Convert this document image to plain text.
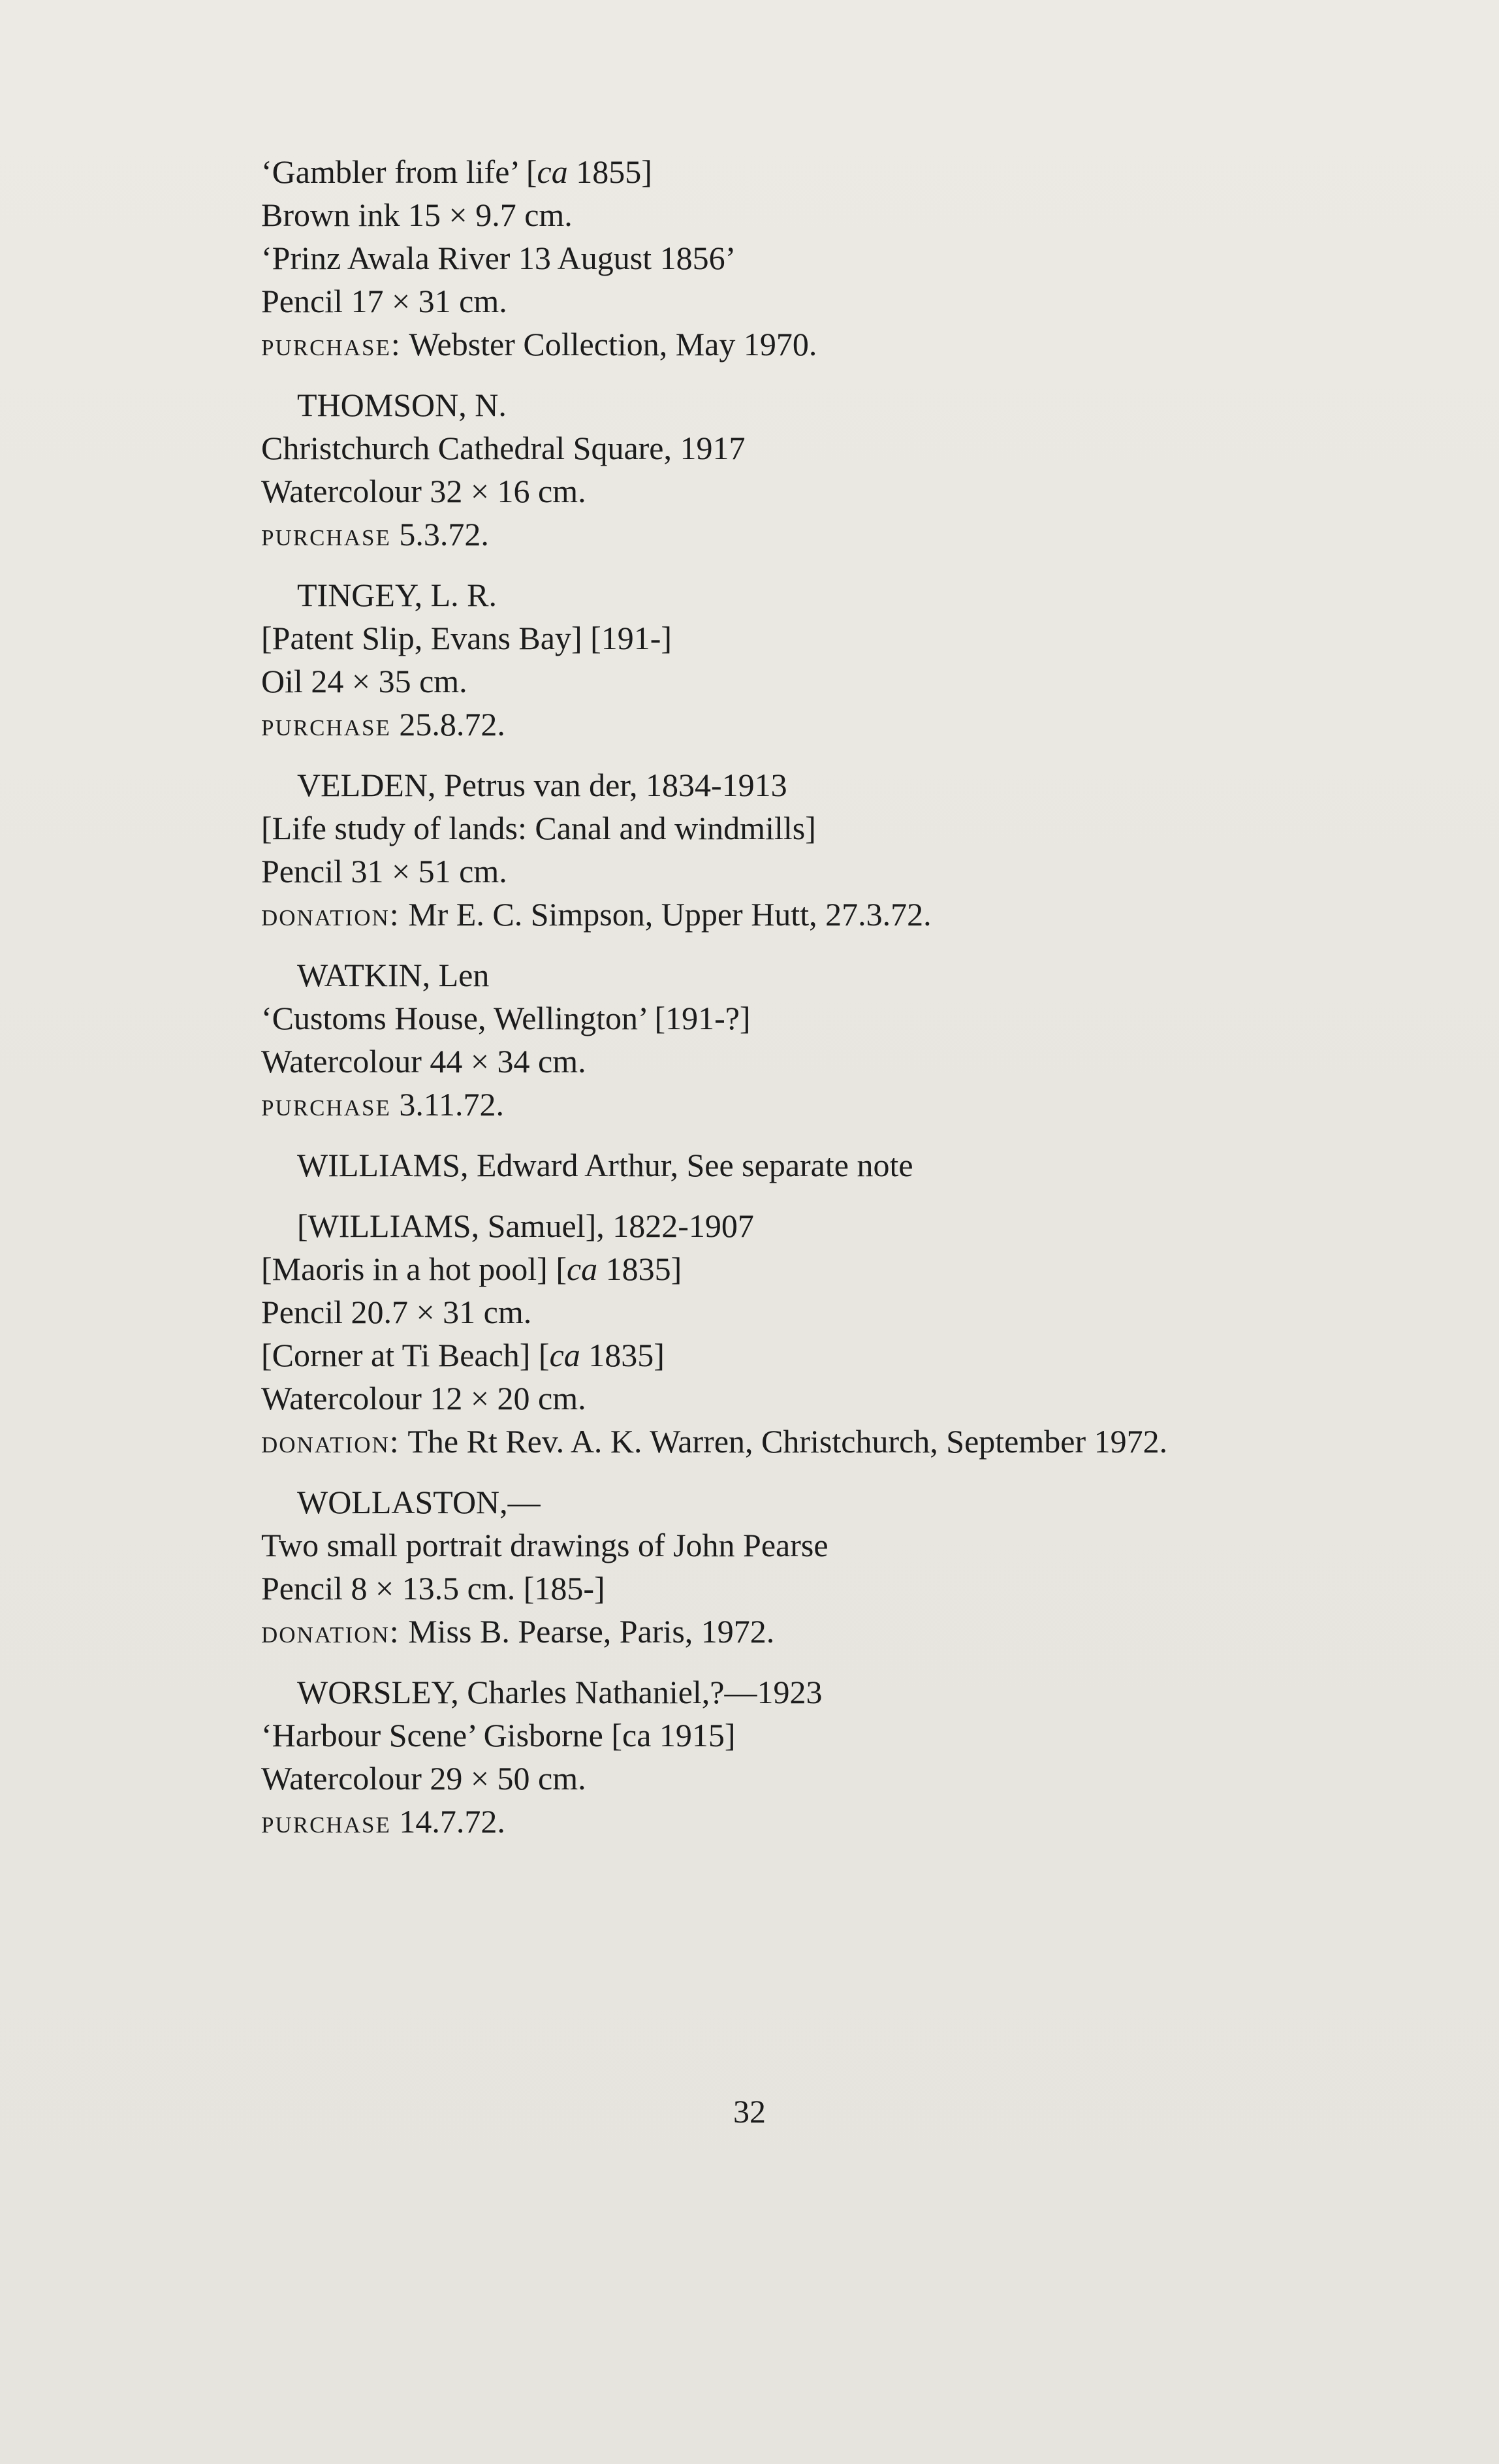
‘Gambler from life’ [ca 1855]

Brown ink 15 × 9.7 cm.

‘Prinz Awala River 13 August 1856’

Pencil 17 × 31 cm.

purchase: Webster Collection, May 1970.

THOMSON, N.

Christchurch Cathedral Square, 1917

Watercolour 32 × 16 cm.

purchase 5.3.72.

TINGEY, L. R.

[Patent Slip, Evans Bay] [191-]

Oil 24 × 35 cm.

purchase 25.8.72.

VELDEN, Petrus van der, 1834-1913

[Life study of lands: Canal and windmills]

Pencil 31 × 51 cm.

donation: Mr E. C. Simpson, Upper Hutt, 27.3.72.

WATKIN, Len

‘Customs House, Wellington’ [191-?]

Watercolour 44 × 34 cm.

purchase 3.11.72.

WILLIAMS, Edward Arthur, See separate note

[WILLIAMS, Samuel], 1822-1907

[Maoris in a hot pool] [ca 1835]

Pencil 20.7 × 31 cm.

[Corner at Ti Beach] [ca 1835]

Watercolour 12 × 20 cm.

donation: The Rt Rev. A. K. Warren, Christchurch, September 1972.

WOLLASTON,—

Two small portrait drawings of John Pearse

Pencil 8 × 13.5 cm. [185-]

donation: Miss B. Pearse, Paris, 1972.

WORSLEY, Charles Nathaniel,?—1923

‘Harbour Scene’ Gisborne [ca 1915]

Watercolour 29 × 50 cm.

purchase 14.7.72.

32
